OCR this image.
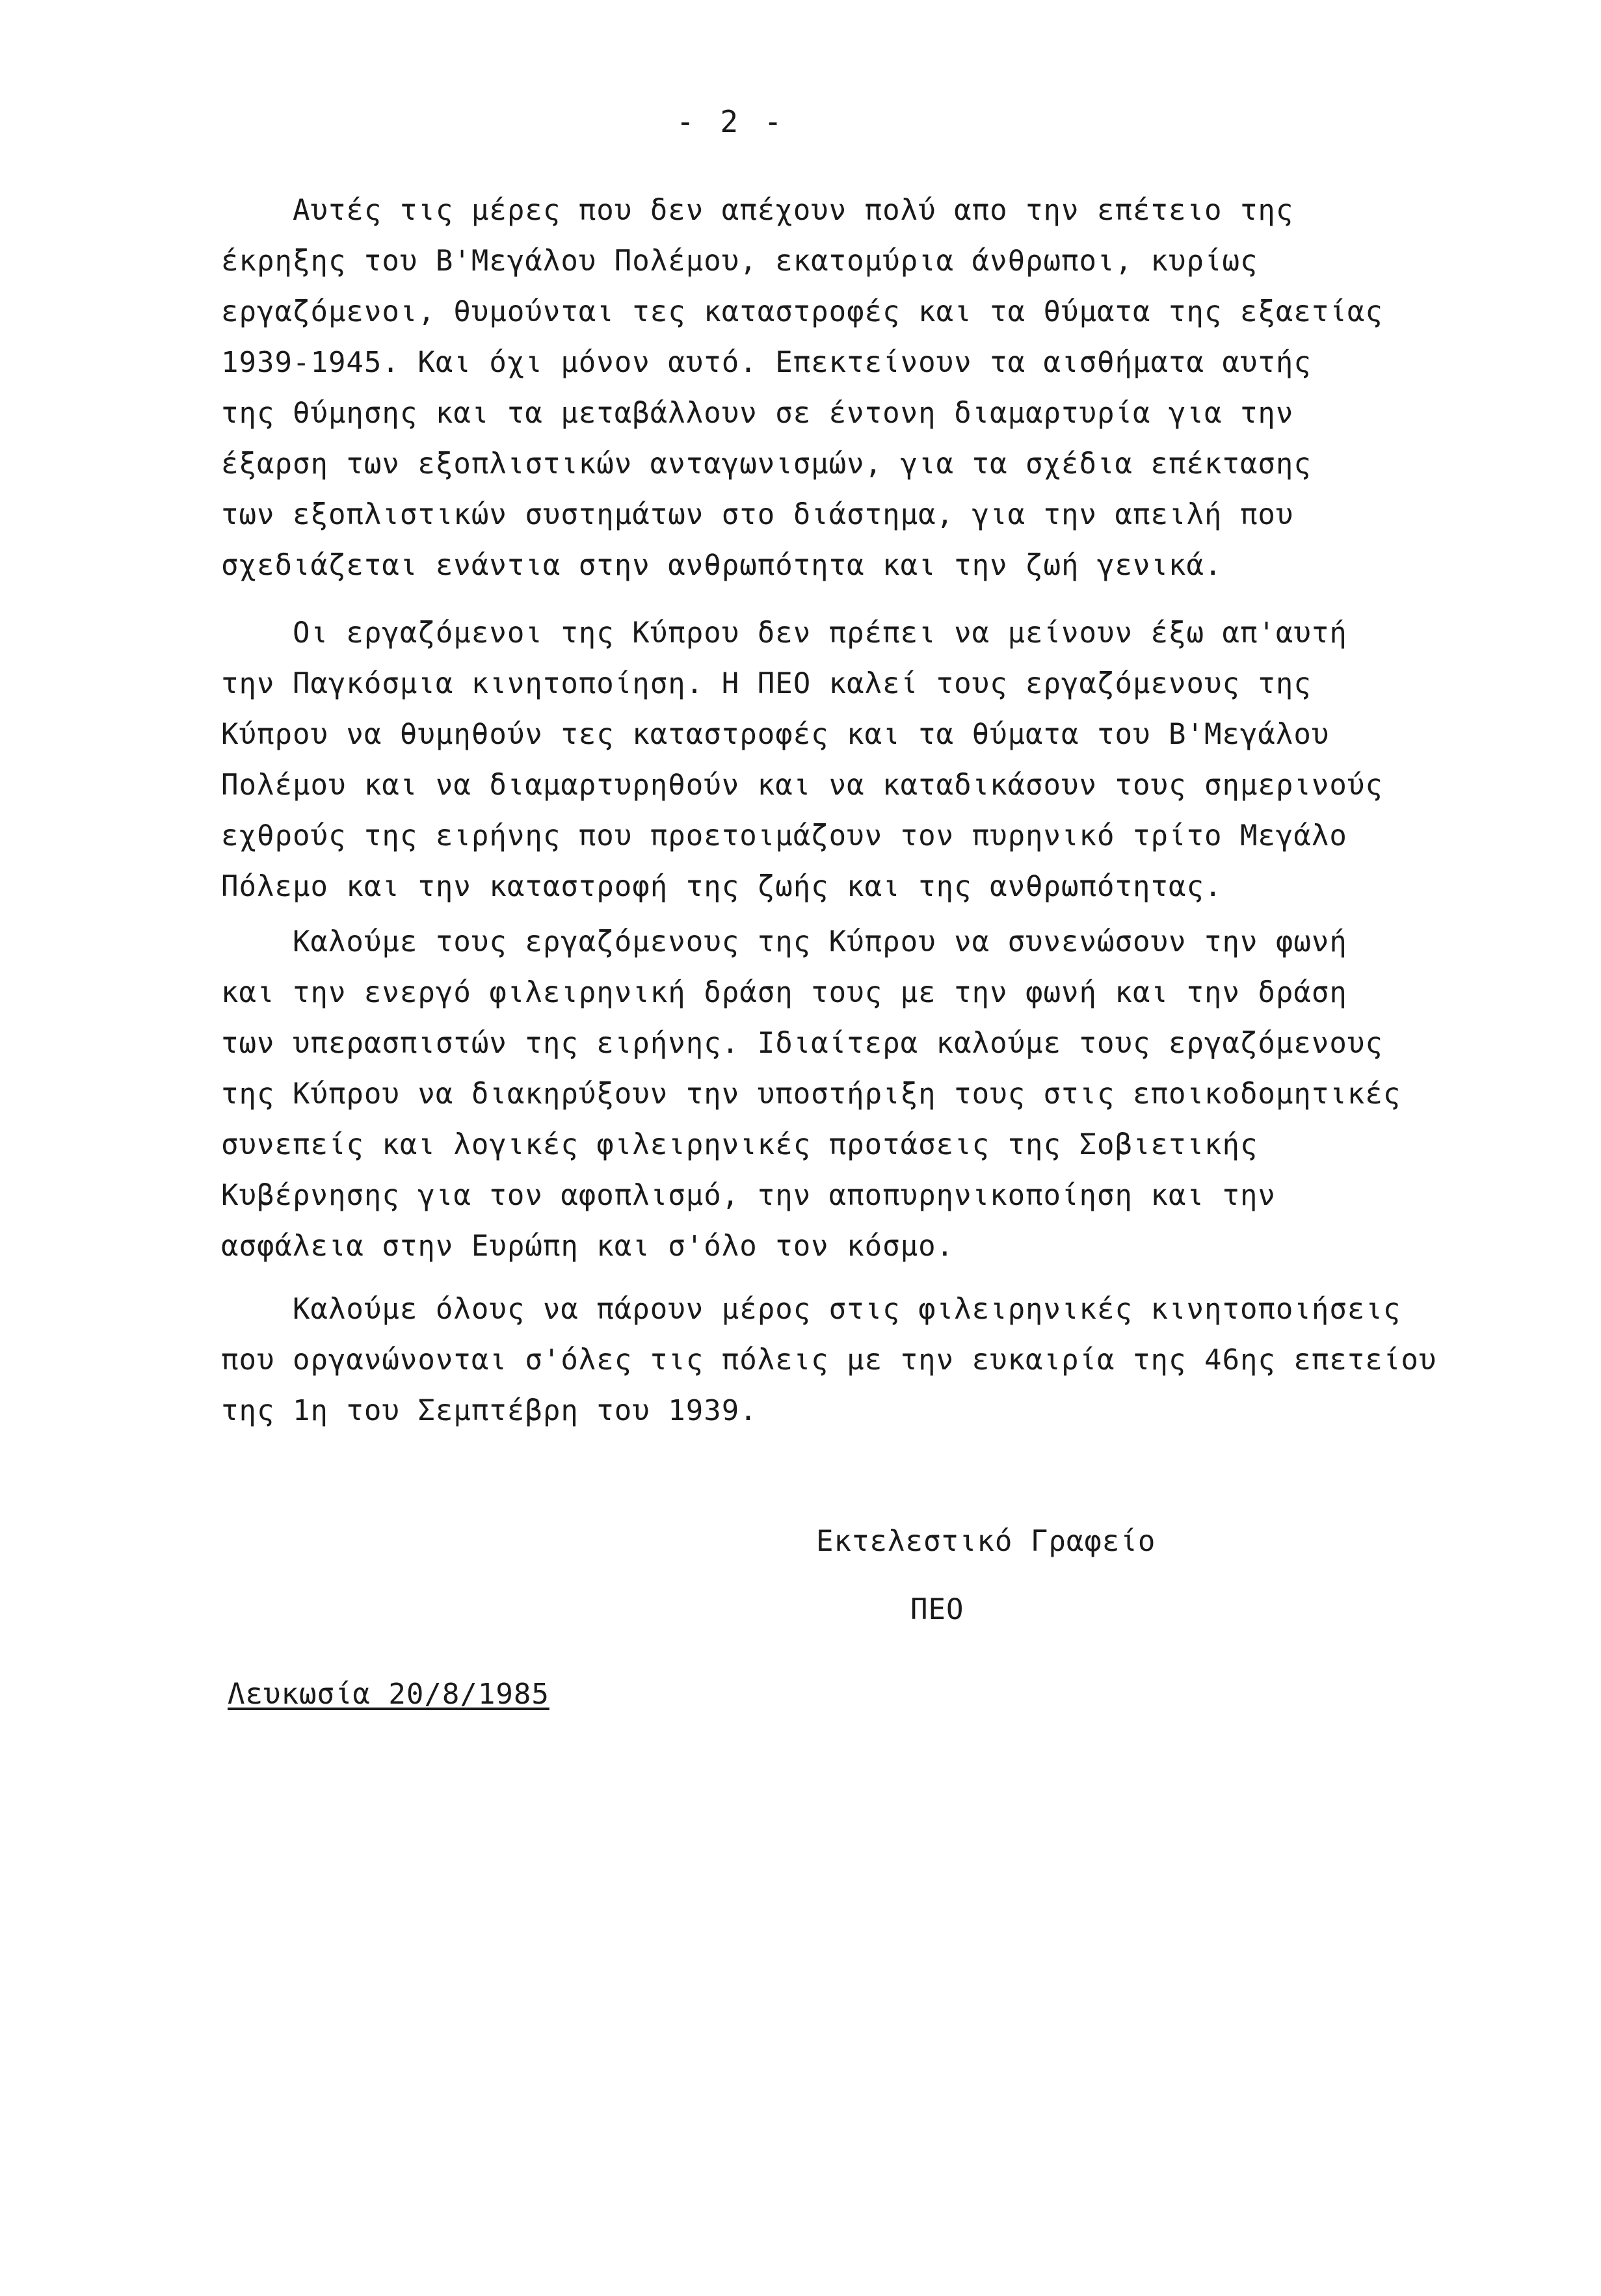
- 2 -
Αυτές τις μέρες που δεν απέχουν πολύ απο την επέτειο της
έκρηξης του Β'Μεγάλου Πολέμου, εκατομύρια άνθρωποι, κυρίως
εργαζόμενοι, θυμούνται τες καταστροφές και τα θύματα της εξαετίας
1939-1945. Και όχι μόνον αυτό. Επεκτείνουν τα αισθήματα αυτής
της θύμησης και τα μεταβάλλουν σε έντονη διαμαρτυρία για την
έξαρση των εξοπλιστικών ανταγωνισμών, για τα σχέδια επέκτασης
των εξοπλιστικών συστημάτων στο διάστημα, για την απειλή που
σχεδιάζεται ενάντια στην ανθρωπότητα και την ζωή γενικά.
Οι εργαζόμενοι της Κύπρου δεν πρέπει να μείνουν έξω απ'αυτή
την Παγκόσμια κινητοποίηση. Η ΠΕΟ καλεί τους εργαζόμενους της
Κύπρου να θυμηθούν τες καταστροφές και τα θύματα του Β'Μεγάλου
Πολέμου και να διαμαρτυρηθούν και να καταδικάσουν τους σημερινούς
εχθρούς της ειρήνης που προετοιμάζουν τον πυρηνικό τρίτο Μεγάλο
Πόλεμο και την καταστροφή της ζωής και της ανθρωπότητας.
Καλούμε τους εργαζόμενους της Κύπρου να συνενώσουν την φωνή
και την ενεργό φιλειρηνική δράση τους με την φωνή και την δράση
των υπερασπιστών της ειρήνης. Ιδιαίτερα καλούμε τους εργαζόμενους
της Κύπρου να διακηρύξουν την υποστήριξη τους στις εποικοδομητικές
συνεπείς και λογικές φιλειρηνικές προτάσεις της Σοβιετικής
Κυβέρνησης για τον αφοπλισμό, την αποπυρηνικοποίηση και την
ασφάλεια στην Ευρώπη και σ'όλο τον κόσμο.
Καλούμε όλους να πάρουν μέρος στις φιλειρηνικές κινητοποιήσεις
που οργανώνονται σ'όλες τις πόλεις με την ευκαιρία της 46ης επετείου
της 1η του Σεμπτέβρη του 1939.
Εκτελεστικό Γραφείο
ΠΕΟ
Λευκωσία 20/8/1985
